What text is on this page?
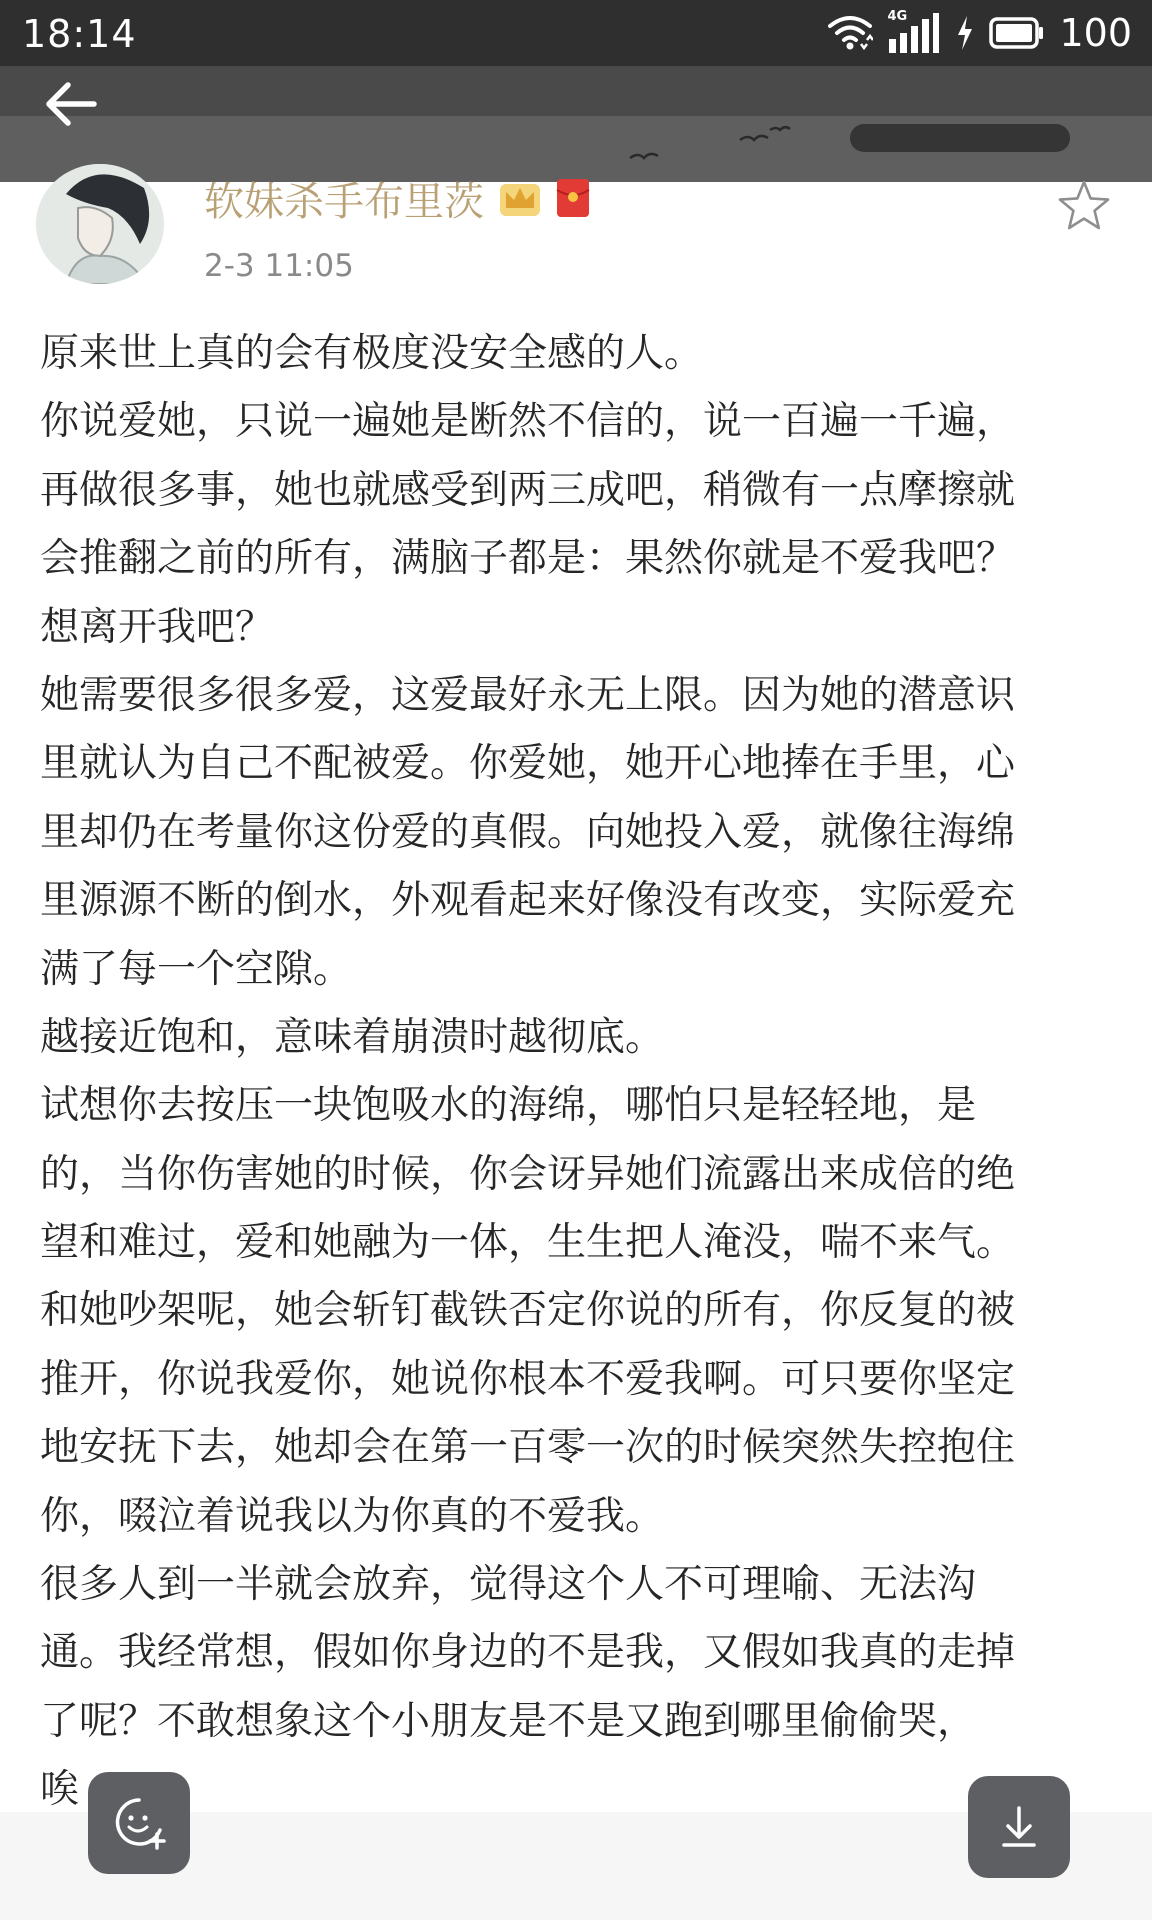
18:14	4G	100
软妹杀手布里茨
2-3 11:05
原来世上真的会有极度没安全感的人。
你说爱她，只说一遍她是断然不信的，说一百遍一千遍，
再做很多事，她也就感受到两三成吧，稍微有一点摩擦就
会推翻之前的所有，满脑子都是：果然你就是不爱我吧？
想离开我吧？
她需要很多很多爱，这爱最好永无上限。因为她的潜意识
里就认为自己不配被爱。你爱她，她开心地捧在手里，心
里却仍在考量你这份爱的真假。向她投入爱，就像往海绵
里源源不断的倒水，外观看起来好像没有改变，实际爱充
满了每一个空隙。
越接近饱和，意味着崩溃时越彻底。
试想你去按压一块饱吸水的海绵，哪怕只是轻轻地，是
的，当你伤害她的时候，你会讶异她们流露出来成倍的绝
望和难过，爱和她融为一体，生生把人淹没，喘不来气。
和她吵架呢，她会斩钉截铁否定你说的所有，你反复的被
推开，你说我爱你，她说你根本不爱我啊。可只要你坚定
地安抚下去，她却会在第一百零一次的时候突然失控抱住
你，啜泣着说我以为你真的不爱我。
很多人到一半就会放弃，觉得这个人不可理喻、无法沟
通。我经常想，假如你身边的不是我，又假如我真的走掉
了呢？不敢想象这个小朋友是不是又跑到哪里偷偷哭，
唉
